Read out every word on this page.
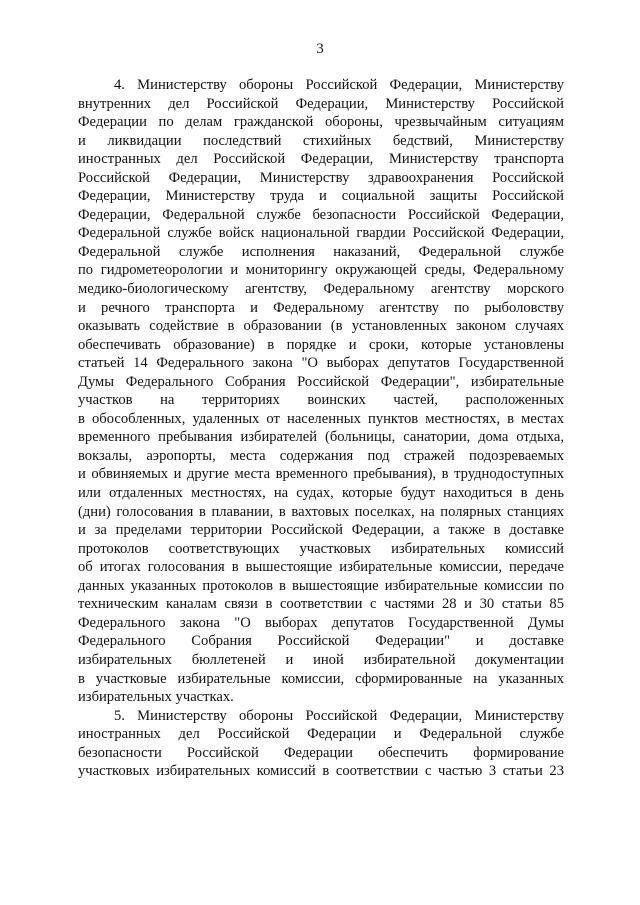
3
4. Министерству обороны Российской Федерации, Министерству
внутренних дел Российской Федерации, Министерству Российской
Федерации по делам гражданской обороны, чрезвычайным ситуациям
и ликвидации последствий стихийных бедствий, Министерству
иностранных дел Российской Федерации, Министерству транспорта
Российской Федерации, Министерству здравоохранения Российской
Федерации, Министерству труда и социальной защиты Российской
Федерации, Федеральной службе безопасности Российской Федерации,
Федеральной службе войск национальной гвардии Российской Федерации,
Федеральной службе исполнения наказаний, Федеральной службе
по гидрометеорологии и мониторингу окружающей среды, Федеральному
медико-биологическому агентству, Федеральному агентству морского
и речного транспорта и Федеральному агентству по рыболовству
оказывать содействие в образовании (в установленных законом случаях
обеспечивать образование) в порядке и сроки, которые установлены
статьей 14 Федерального закона "О выборах депутатов Государственной
Думы Федерального Собрания Российской Федерации", избирательные
участков на территориях воинских частей, расположенных
в обособленных, удаленных от населенных пунктов местностях, в местах
временного пребывания избирателей (больницы, санатории, дома отдыха,
вокзалы, аэропорты, места содержания под стражей подозреваемых
и обвиняемых и другие места временного пребывания), в труднодоступных
или отдаленных местностях, на судах, которые будут находиться в день
(дни) голосования в плавании, в вахтовых поселках, на полярных станциях
и за пределами территории Российской Федерации, а также в доставке
протоколов соответствующих участковых избирательных комиссий
об итогах голосования в вышестоящие избирательные комиссии, передаче
данных указанных протоколов в вышестоящие избирательные комиссии по
техническим каналам связи в соответствии с частями 28 и 30 статьи 85
Федерального закона "О выборах депутатов Государственной Думы
Федерального Собрания Российской Федерации" и доставке
избирательных бюллетеней и иной избирательной документации
в участковые избирательные комиссии, сформированные на указанных
избирательных участках.
5. Министерству обороны Российской Федерации, Министерству
иностранных дел Российской Федерации и Федеральной службе
безопасности Российской Федерации обеспечить формирование
участковых избирательных комиссий в соответствии с частью 3 статьи 23
